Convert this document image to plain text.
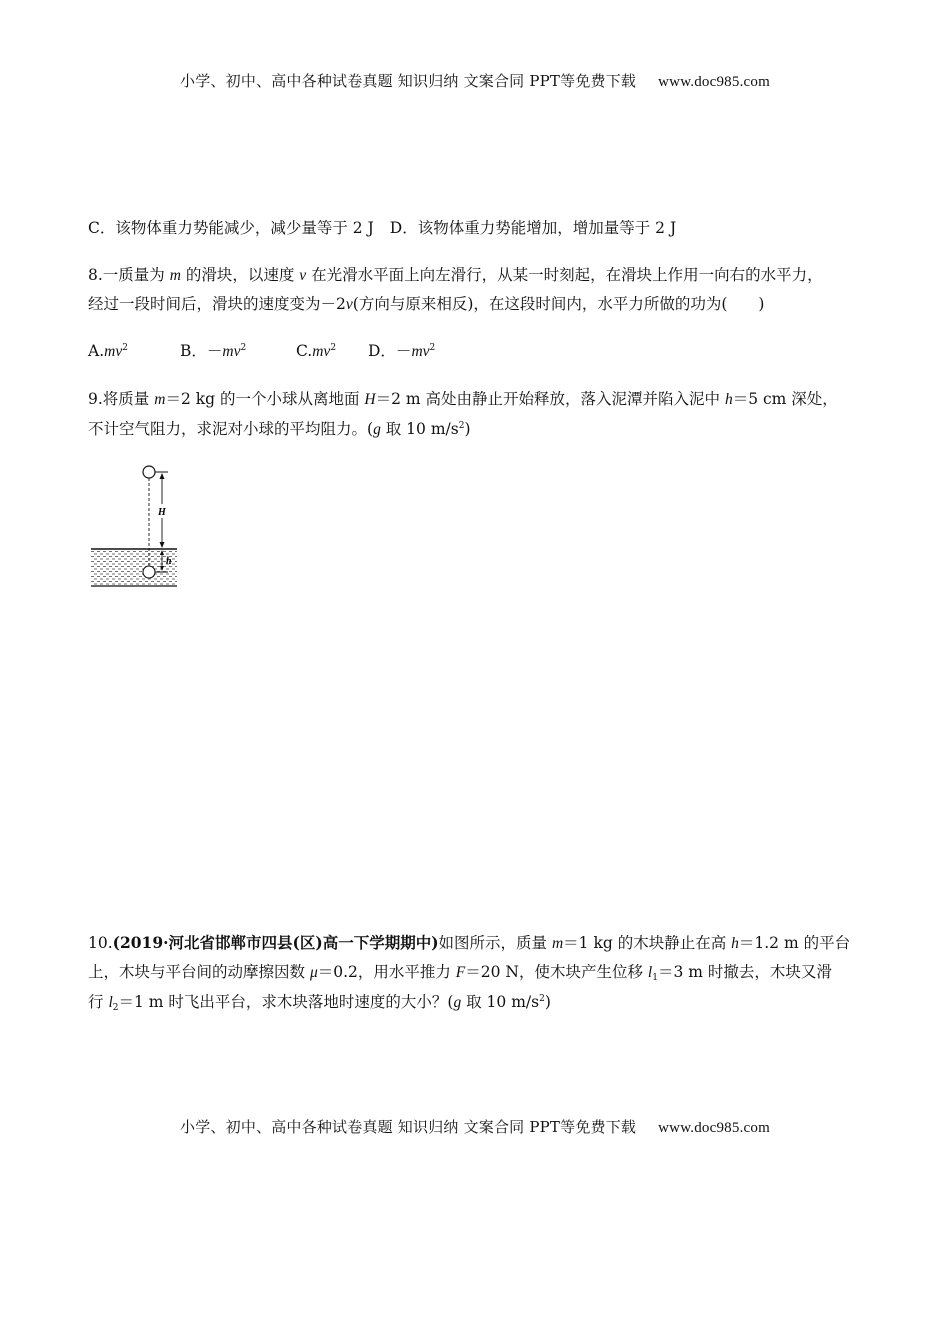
小学、初中、高中各种试卷真题 知识归纳 文案合同 PPT等免费下载 www.doc985.com
C．该物体重力势能减少，减少量等于 2 J D．该物体重力势能增加，增加量等于 2 J
8.一质量为 m 的滑块，以速度 v 在光滑水平面上向左滑行，从某一时刻起，在滑块上作用一向右的水平力，
经过一段时间后，滑块的速度变为－2v(方向与原来相反)，在这段时间内，水平力所做的功为(　　)
$A.mv^2$	B．$-mv^2$	$C.mv^2$ D．$-mv^2$
9.将质量 m＝2 kg 的一个小球从离地面 H＝2 m 高处由静止开始释放，落入泥潭并陷入泥中 h＝5 cm 深处，
不计空气阻力，求泥对小球的平均阻力。(g 取 10 $m/s^2$)
H
h
10.(2019·河北省邯郸市四县(区)高一下学期期中)如图所示，质量 m＝1 kg 的木块静止在高 h＝1.2 m 的平台
上，木块与平台间的动摩擦因数 μ＝0.2，用水平推力 F＝20 N，使木块产生位移 $l_1=3$ m 时撤去，木块又滑
行 $l_2=1$ m 时飞出平台，求木块落地时速度的大小？(g 取 10 $m/s^2$)
小学、初中、高中各种试卷真题 知识归纳 文案合同 PPT等免费下载 www.doc985.com
